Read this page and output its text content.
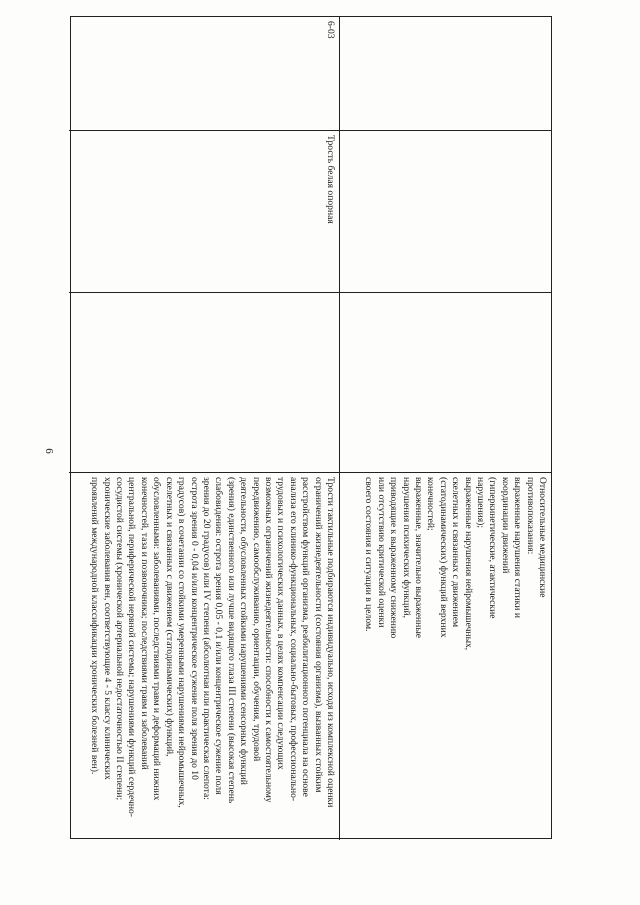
6
Относительные медицинские
противопоказания:
выраженные нарушения статики и
координации движений
(гиперкинетические, атактические
нарушения);
выраженные нарушения нейромышечных,
скелетных и связанных с движением
(статодинамических) функций верхних
конечностей;
выраженные, значительно выраженные
нарушения психических функций,
приводящие к выраженному снижению
или отсутствию критической оценки
своего состояния и ситуации в целом.
6-03
Трость белая опорная
Трости тактильные подбираются индивидуально, исходя из комплексной оценки
ограничений жизнедеятельности (состояния организма), вызванных стойким
расстройством функций организма, реабилитационного потенциала на основе
анализа его клинико-функциональных, социально-бытовых, профессионально-
трудовых и психологических данных, в целях компенсации следующих
возможных ограничений жизнедеятельности: способности к самостоятельному
передвижению, самообслуживанию, ориентации, обучения, трудовой
деятельности, обусловленных стойкими нарушениями сенсорных функций
(зрения) единственного или лучше видящего глаза III степени (высокая степень
слабовидения: острота зрения 0,05 - 0,1 и/или концентрическое сужение поля
зрения до 20 градусов) или IV степени (абсолютная или практическая слепота:
острота зрения 0 - 0,04 и/или концентрическое сужение поля зрения до 10
градусов) в сочетании со стойкими умеренными нарушениями нейромышечных,
скелетных и связанных с движением (статодинамических) функций,
обусловленными: заболеваниями, последствиями травм и деформаций нижних
конечностей, таза и позвоночника; последствиями травм и заболеваний
центральной, периферической нервной системы; нарушениями функций сердечно-
сосудистой системы (хронической артериальной недостаточностью II степени;
хронические заболевания вен, соответствующие 4 - 5 классу клинических
проявлений международной классификации хронических болезней вен).
